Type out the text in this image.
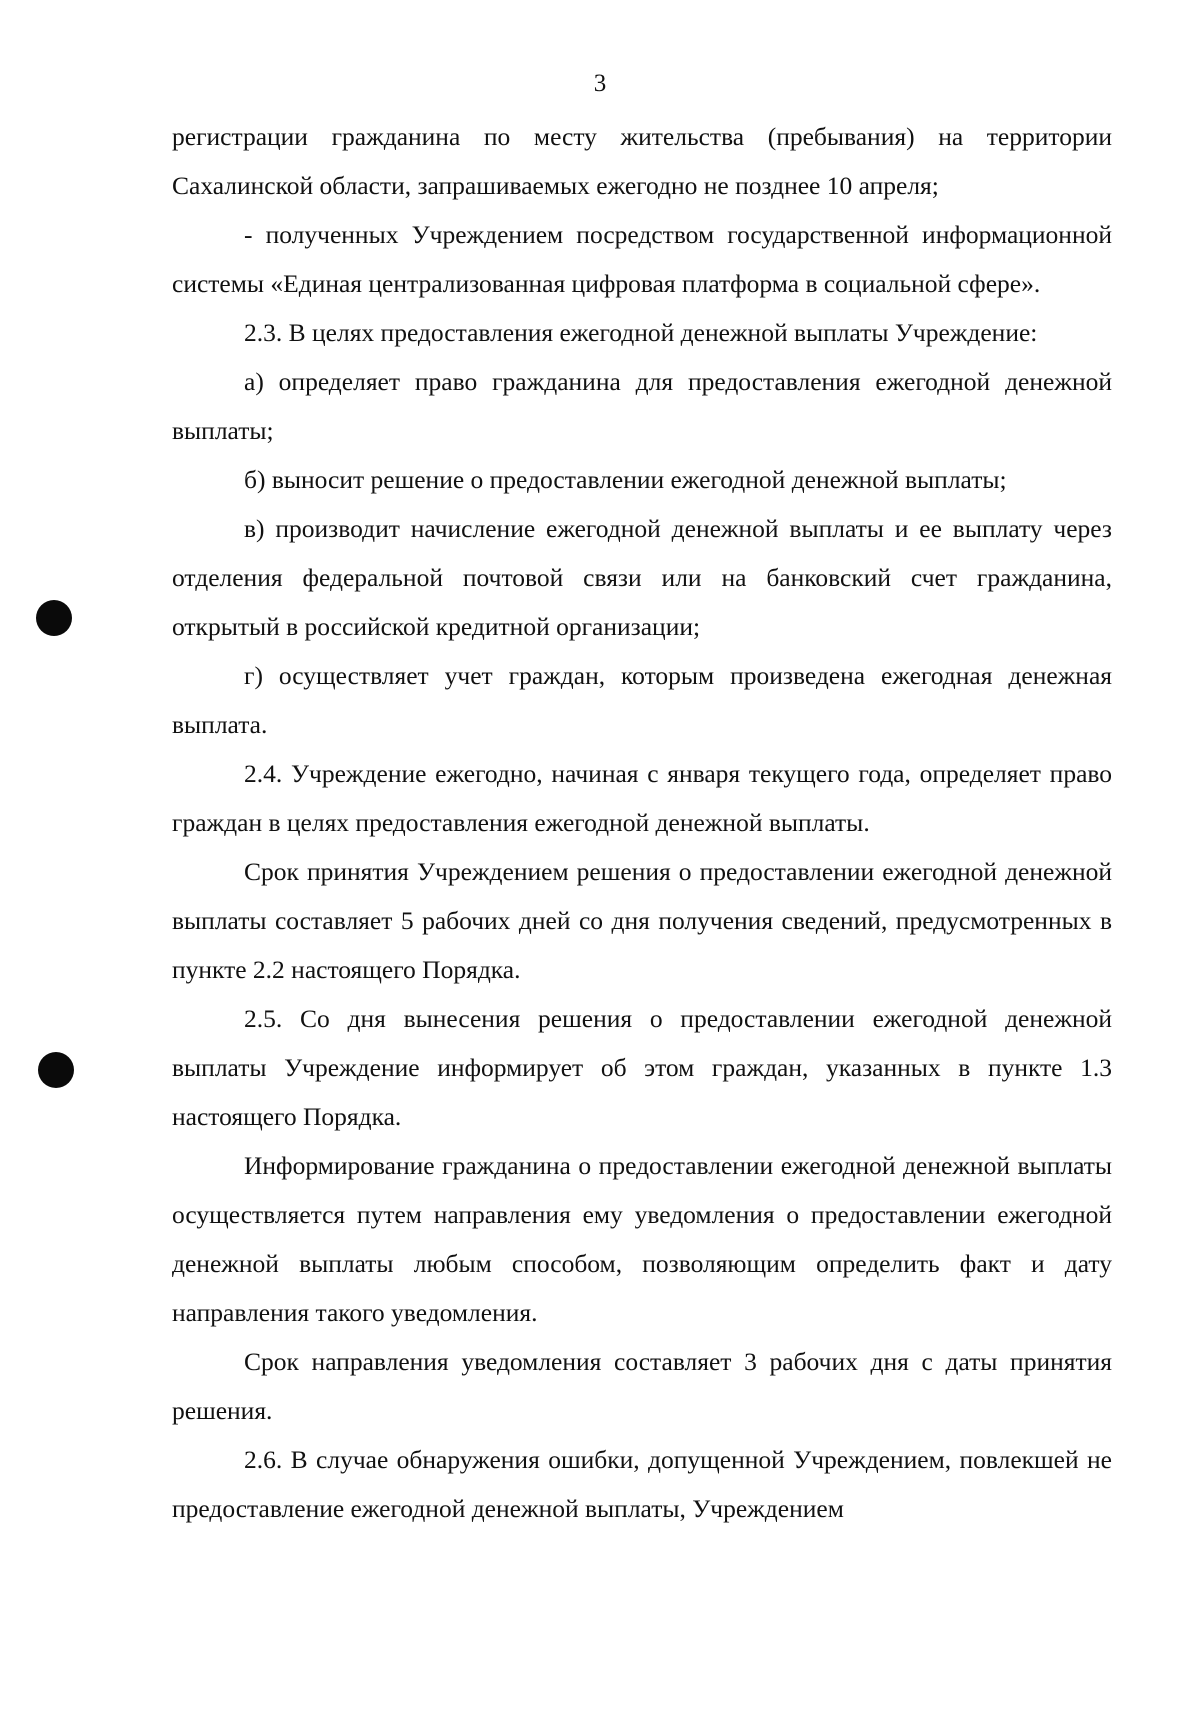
3

регистрации гражданина по месту жительства (пребывания) на территории Сахалинской области, запрашиваемых ежегодно не позднее 10 апреля;

- полученных Учреждением посредством государственной информационной системы «Единая централизованная цифровая платформа в социальной сфере».

2.3. В целях предоставления ежегодной денежной выплаты Учреждение:

а) определяет право гражданина для предоставления ежегодной денежной выплаты;

б) выносит решение о предоставлении ежегодной денежной выплаты;

в) производит начисление ежегодной денежной выплаты и ее выплату через отделения федеральной почтовой связи или на банковский счет гражданина, открытый в российской кредитной организации;

г) осуществляет учет граждан, которым произведена ежегодная денежная выплата.

2.4. Учреждение ежегодно, начиная с января текущего года, определяет право граждан в целях предоставления ежегодной денежной выплаты.

Срок принятия Учреждением решения о предоставлении ежегодной денежной выплаты составляет 5 рабочих дней со дня получения сведений, предусмотренных в пункте 2.2 настоящего Порядка.

2.5. Со дня вынесения решения о предоставлении ежегодной денежной выплаты Учреждение информирует об этом граждан, указанных в пункте 1.3 настоящего Порядка.

Информирование гражданина о предоставлении ежегодной денежной выплаты осуществляется путем направления ему уведомления о предоставлении ежегодной денежной выплаты любым способом, позволяющим определить факт и дату направления такого уведомления.

Срок направления уведомления составляет 3 рабочих дня с даты принятия решения.

2.6. В случае обнаружения ошибки, допущенной Учреждением, повлекшей не предоставление ежегодной денежной выплаты, Учреждением
